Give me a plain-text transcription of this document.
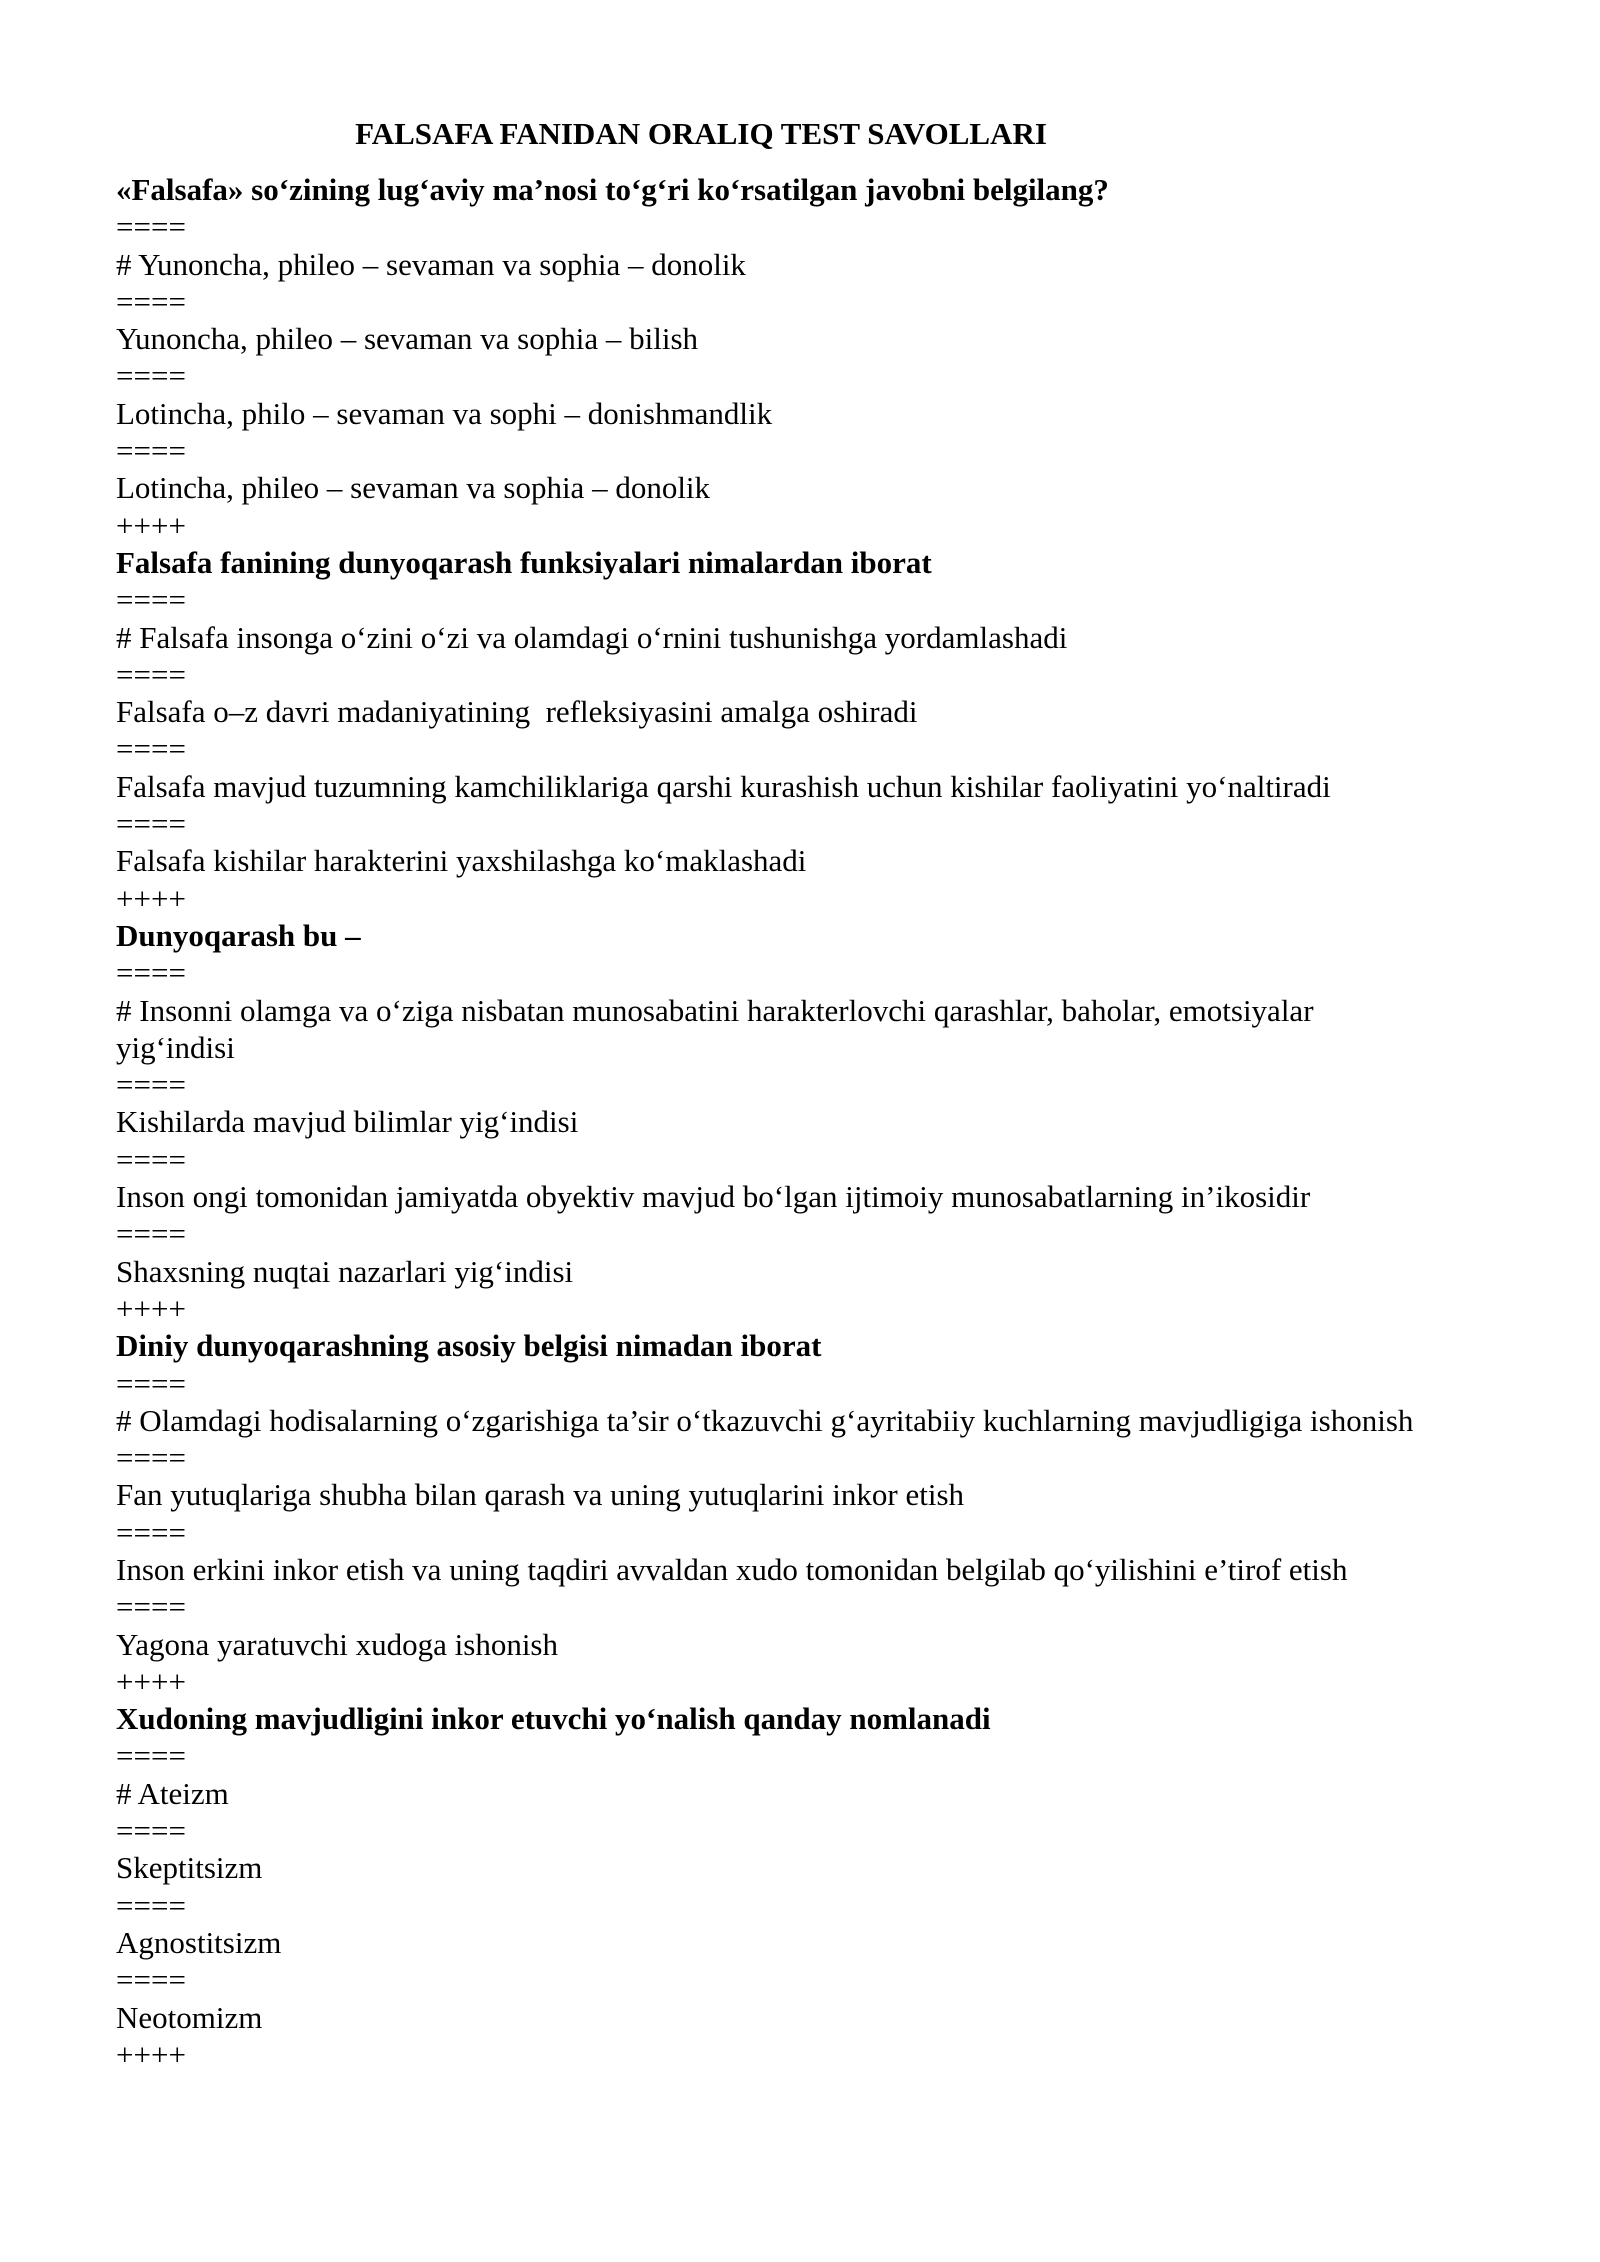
FALSAFA FANIDAN ORALIQ TEST SAVOLLARI
«Falsafa» so‘zining lug‘aviy ma’nosi to‘g‘ri ko‘rsatilgan javobni belgilang?
====
# Yunoncha, phileo – sevaman va sophia – donolik
====
Yunoncha, phileo – sevaman va sophia – bilish
====
Lotincha, philo – sevaman va sophi – donishmandlik
====
Lotincha, phileo – sevaman va sophia – donolik
++++
Falsafa fanining dunyoqarash funksiyalari nimalardan iborat
====
# Falsafa insonga o‘zini o‘zi va olamdagi o‘rnini tushunishga yordamlashadi
====
Falsafa o–z davri madaniyatining  refleksiyasini amalga oshiradi
====
Falsafa mavjud tuzumning kamchiliklariga qarshi kurashish uchun kishilar faoliyatini yo‘naltiradi
====
Falsafa kishilar harakterini yaxshilashga ko‘maklashadi
++++
Dunyoqarash bu –
====
# Insonni olamga va o‘ziga nisbatan munosabatini harakterlovchi qarashlar, baholar, emotsiyalar yig‘indisi
====
Kishilarda mavjud bilimlar yig‘indisi
====
Inson ongi tomonidan jamiyatda obyektiv mavjud bo‘lgan ijtimoiy munosabatlarning in’ikosidir
====
Shaxsning nuqtai nazarlari yig‘indisi
++++
Diniy dunyoqarashning asosiy belgisi nimadan iborat
====
# Olamdagi hodisalarning o‘zgarishiga ta’sir o‘tkazuvchi g‘ayritabiiy kuchlarning mavjudligiga ishonish
====
Fan yutuqlariga shubha bilan qarash va uning yutuqlarini inkor etish
====
Inson erkini inkor etish va uning taqdiri avvaldan xudo tomonidan belgilab qo‘yilishini e’tirof etish
====
Yagona yaratuvchi xudoga ishonish
++++
Xudoning mavjudligini inkor etuvchi yo‘nalish qanday nomlanadi
====
# Ateizm
====
Skeptitsizm
====
Agnostitsizm
====
Neotomizm
++++
